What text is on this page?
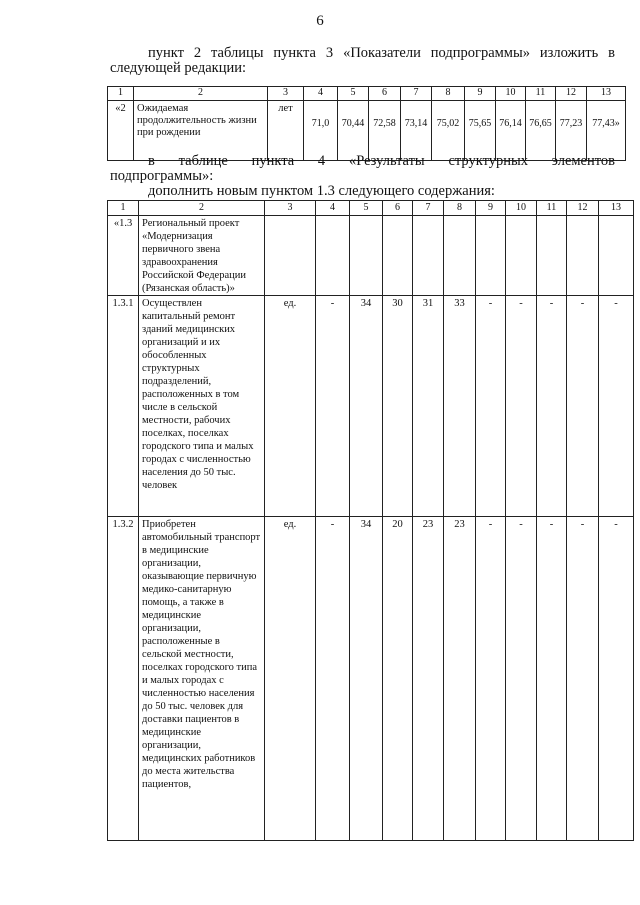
6
пункт 2 таблицы пункта 3 «Показатели подпрограммы» изложить в
следующей редакции:
1	2	3	4	5	6	7	8	9	10	11	12	13
«2	Ожидаемая продолжительность жизни при рождении	лет	71,0	70,44	72,58	73,14	75,02	75,65	76,14	76,65	77,23	77,43»
в таблице пункта 4 «Результаты структурных элементов
подпрограммы»:
дополнить новым пунктом 1.3 следующего содержания:
1	2	3	4	5	6	7	8	9	10	11	12	13
«1.3	Региональный проект «Модернизация первичного звена здравоохранения Российской Федерации (Рязанская область)»											
1.3.1	Осуществлен капитальный ремонт зданий медицинских организаций и их обособленных структурных подразделений, расположенных в том числе в сельской местности, рабочих поселках, поселках городского типа и малых городах с численностью населения до 50 тыс. человек	ед.	-	34	30	31	33	-	-	-	-	-
1.3.2	Приобретен автомобильный транспорт в медицинские организации, оказывающие первичную медико-санитарную помощь, а также в медицинские организации, расположенные в сельской местности, поселках городского типа и малых городах с численностью населения до 50 тыс. человек для доставки пациентов в медицинские организации, медицинских работников до места жительства пациентов,	ед.	-	34	20	23	23	-	-	-	-	-
